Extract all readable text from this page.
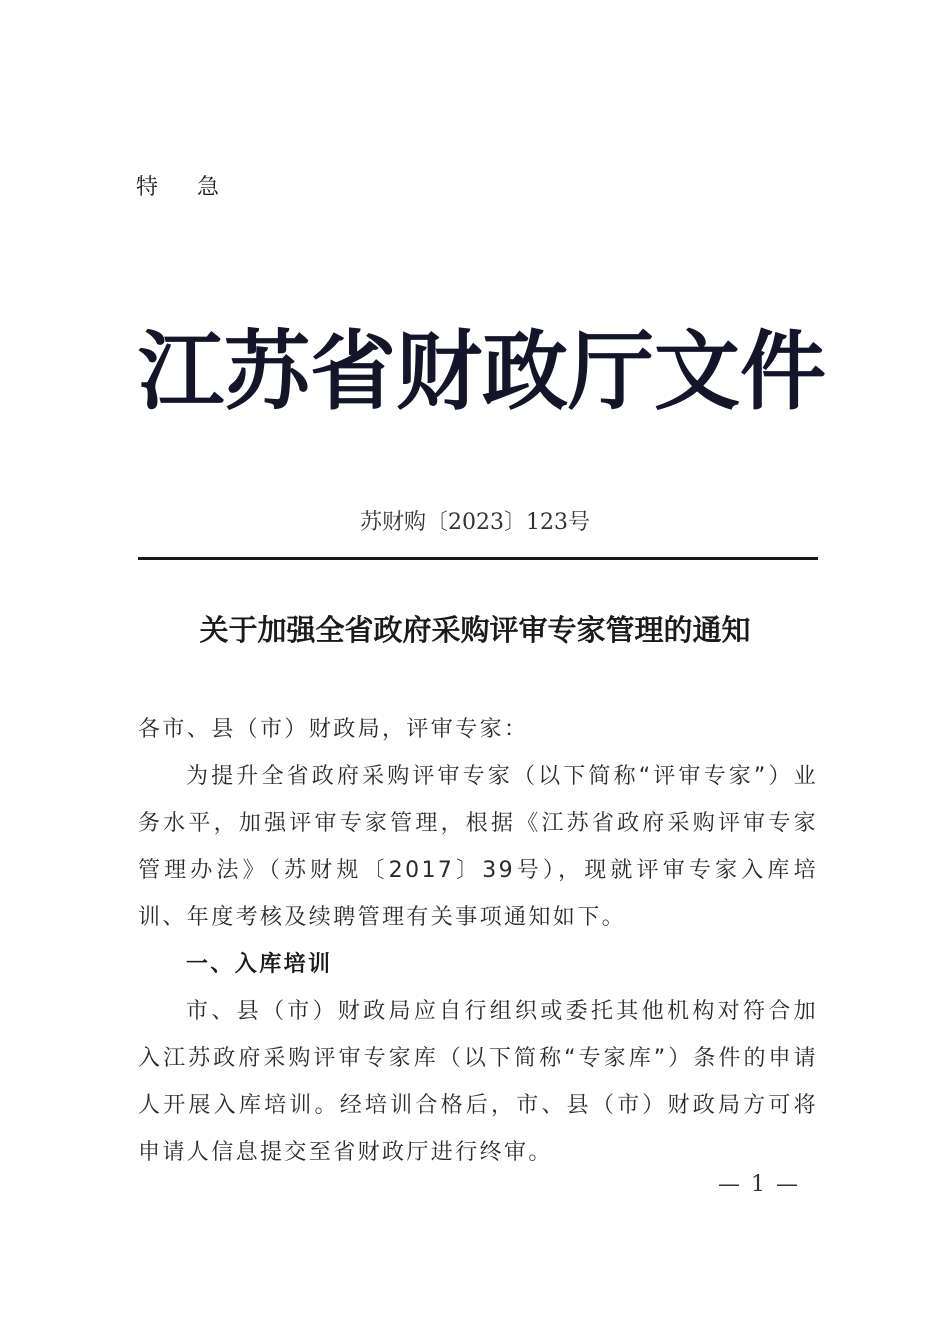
特 急
江 苏 省 财 政 厅 文 件
苏财购〔2023〕123号
关于加强全省政府采购评审专家管理的通知

各市、县（市）财政局，评审专家：

为提升全省政府采购评审专家（以下简称“评审专家”）业务水平，加强评审专家管理，根据《江苏省政府采购评审专家管理办法》（苏财规〔2017〕39号），现就评审专家入库培训、年度考核及续聘管理有关事项通知如下。

一、入库培训

市、县（市）财政局应自行组织或委托其他机构对符合加入江苏政府采购评审专家库（以下简称“专家库”）条件的申请人开展入库培训。经培训合格后，市、县（市）财政局方可将申请人信息提交至省财政厅进行终审。

— 1 —
